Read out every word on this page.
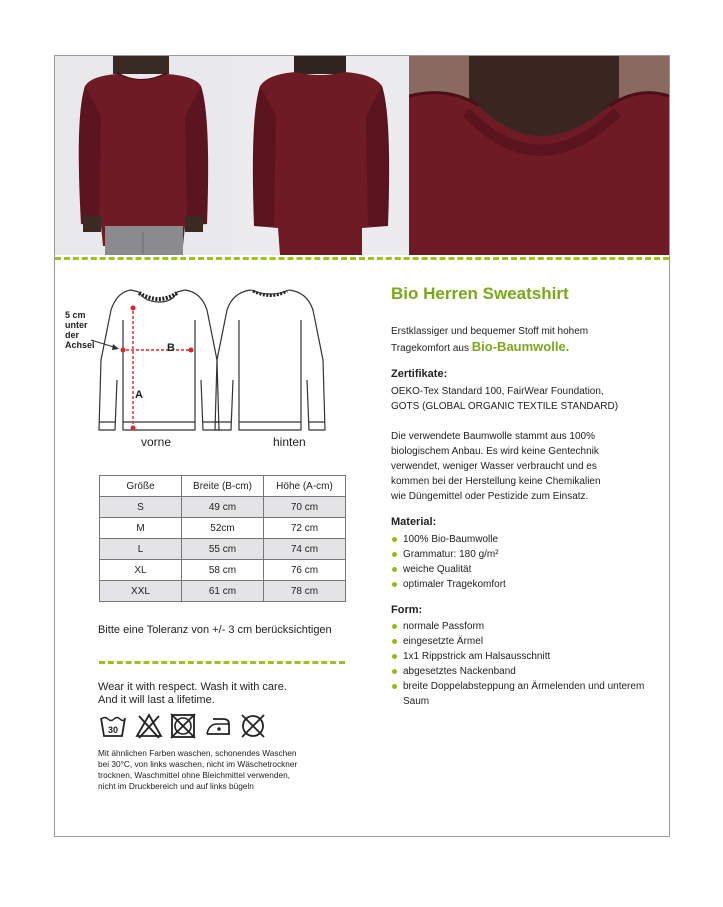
5 cm
unter
der
Achsel	B
A
vorne	hinten
Größe	Breite (B-cm)	Höhe (A-cm)
S	49 cm	70 cm
M	52cm	72 cm
L	55 cm	74 cm
XL	58 cm	76 cm
XXL	61 cm	78 cm
Bitte eine Toleranz von +/- 3 cm berücksichtigen
Wear it with respect. Wash it with care.
And it will last a lifetime.
30
Mit ähnlichen Farben waschen, schonendes Waschen
bei 30°C, von links waschen, nicht im Wäschetrockner
trocknen, Waschmittel ohne Bleichmittel verwenden,
nicht im Druckbereich und auf links bügeln
Bio Herren Sweatshirt
Erstklassiger und bequemer Stoff mit hohem
Tragekomfort aus Bio-Baumwolle.
Zertifikate:
OEKO-Tex Standard 100, FairWear Foundation,
GOTS (GLOBAL ORGANIC TEXTILE STANDARD)
Die verwendete Baumwolle stammt aus 100%
biologischem Anbau. Es wird keine Gentechnik
verwendet, weniger Wasser verbraucht und es
kommen bei der Herstellung keine Chemikalien
wie Düngemittel oder Pestizide zum Einsatz.
Material:
100% Bio-Baumwolle
Grammatur: 180 g/m²
weiche Qualität
optimaler Tragekomfort
Form:
normale Passform
eingesetzte Ärmel
1x1 Rippstrick am Halsausschnitt
abgesetztes Nackenband
breite Doppelabsteppung an Ärmelenden und unterem Saum
